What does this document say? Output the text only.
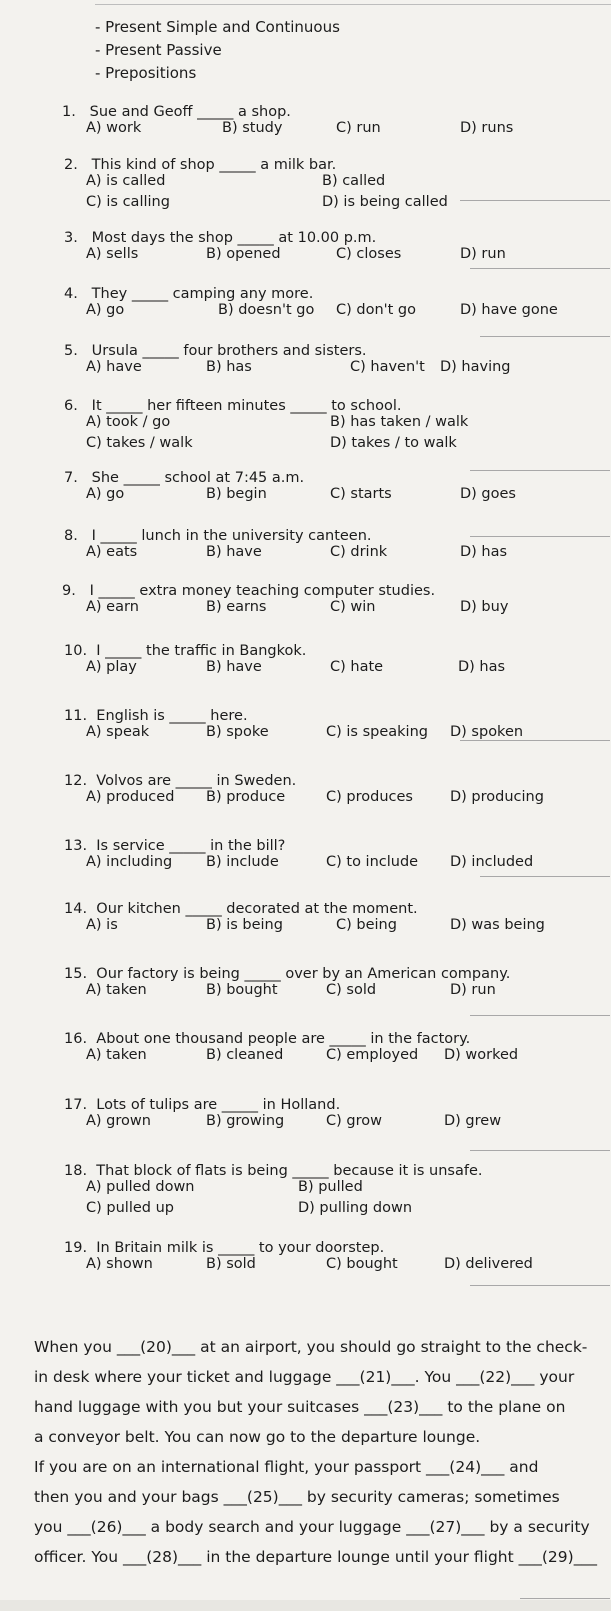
- Present Simple and Continuous
- Present Passive
- Prepositions
1.   Sue and Geoff _____ a shop.
A) work	B) study	C) run	D) runs
2.   This kind of shop _____ a milk bar.
A) is called	B) called
C) is calling	D) is being called
3.   Most days the shop _____ at 10.00 p.m.
A) sells	B) opened	C) closes	D) run
4.   They _____ camping any more.
A) go	B) doesn't go C) don't go	D) have gone
5.   Ursula _____ four brothers and sisters.
A) have	B) has	C) haven't D) having
6.   It _____ her fifteen minutes _____ to school.
A) took / go	B) has taken / walk
C) takes / walk	D) takes / to walk
7.   She _____ school at 7:45 a.m.
A) go	B) begin	C) starts	D) goes
8.   I _____ lunch in the university canteen.
A) eats	B) have	C) drink	D) has
9.   I _____ extra money teaching computer studies.
A) earn	B) earns	C) win	D) buy
10.  I _____ the traffic in Bangkok.
A) play	B) have	C) hate	D) has
11.  English is _____ here.
A) speak	B) spoke	C) is speaking D) spoken
12.  Volvos are _____ in Sweden.
A) produced B) produce	C) produces	D) producing
13.  Is service _____ in the bill?
A) including B) include	C) to include D) included
14.  Our kitchen _____ decorated at the moment.
A) is	B) is being	C) being	D) was being
15.  Our factory is being _____ over by an American company.
A) taken	B) bought	C) sold	D) run
16.  About one thousand people are _____ in the factory.
A) taken	B) cleaned	C) employed D) worked
17.  Lots of tulips are _____ in Holland.
A) grown	B) growing	C) grow	D) grew
18.  That block of flats is being _____ because it is unsafe.
A) pulled down	B) pulled
C) pulled up	D) pulling down
19.  In Britain milk is _____ to your doorstep.
A) shown	B) sold	C) bought	D) delivered
When you ___(20)___ at an airport, you should go straight to the check-
in desk where your ticket and luggage ___(21)___. You ___(22)___ your
hand luggage with you but your suitcases ___(23)___ to the plane on
a conveyor belt. You can now go to the departure lounge.
If you are on an international flight, your passport ___(24)___ and
then you and your bags ___(25)___ by security cameras; sometimes
you ___(26)___ a body search and your luggage ___(27)___ by a security
officer. You ___(28)___ in the departure lounge until your flight ___(29)___
